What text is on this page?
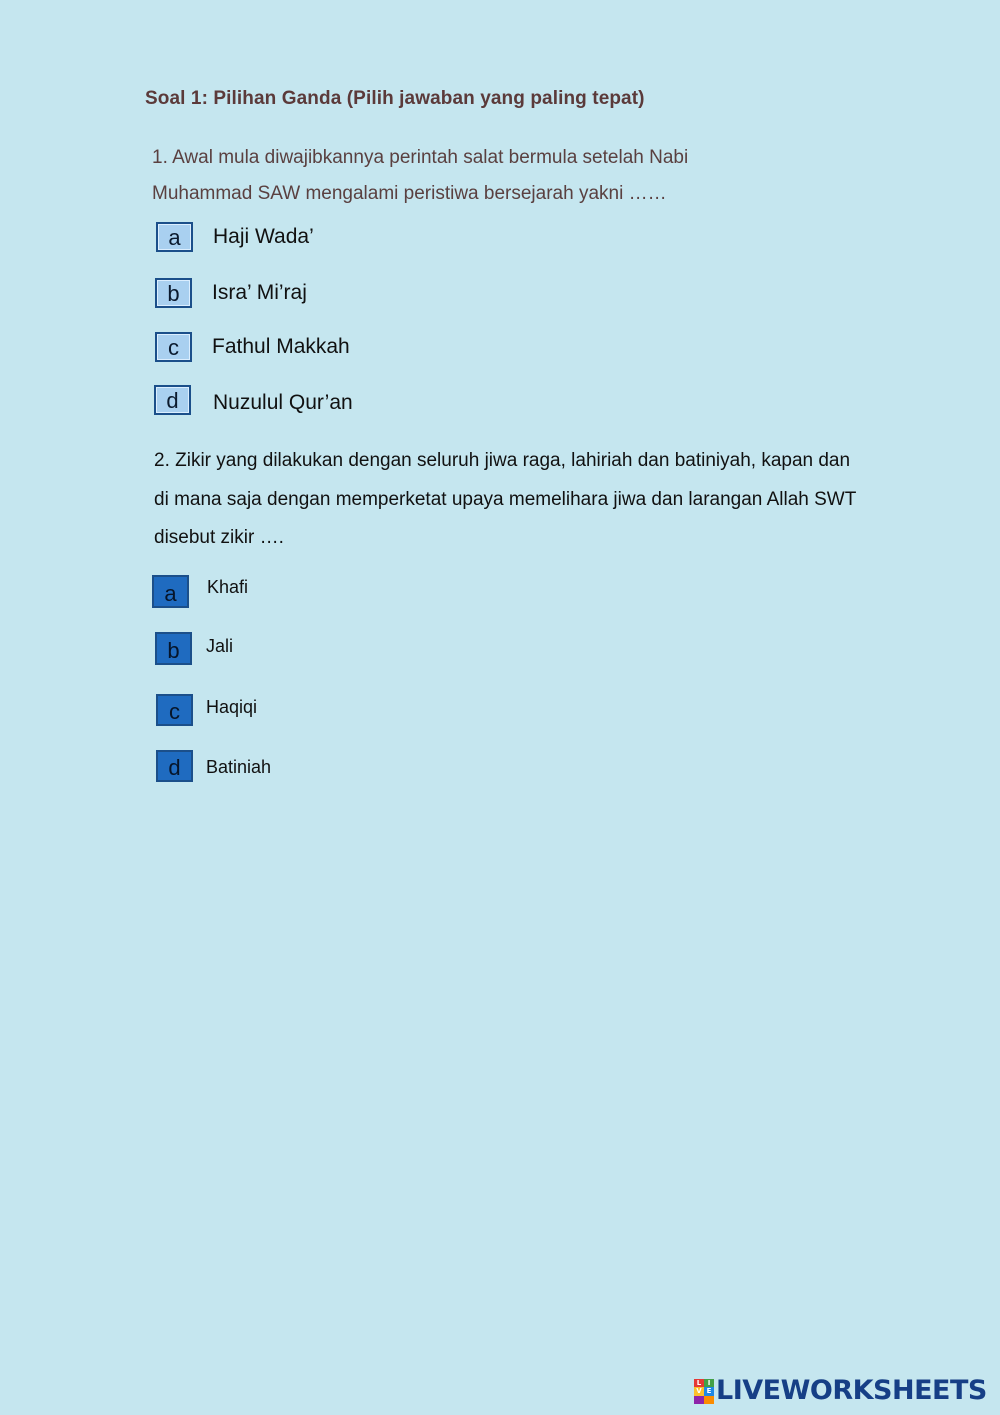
Soal 1: Pilihan Ganda (Pilih jawaban yang paling tepat)
1. Awal mula diwajibkannya perintah salat bermula setelah Nabi
Muhammad SAW mengalami peristiwa bersejarah yakni ……
a	Haji Wada’
b	Isra’ Mi’raj
c	Fathul Makkah
d	Nuzulul Qur’an
2. Zikir yang dilakukan dengan seluruh jiwa raga, lahiriah dan batiniyah, kapan dan
di mana saja dengan memperketat upaya memelihara jiwa dan larangan Allah SWT
disebut zikir ….
a	Khafi
b	Jali
c	Haqiqi
d	Batiniah
L I
V E LIVEWORKSHEETS
